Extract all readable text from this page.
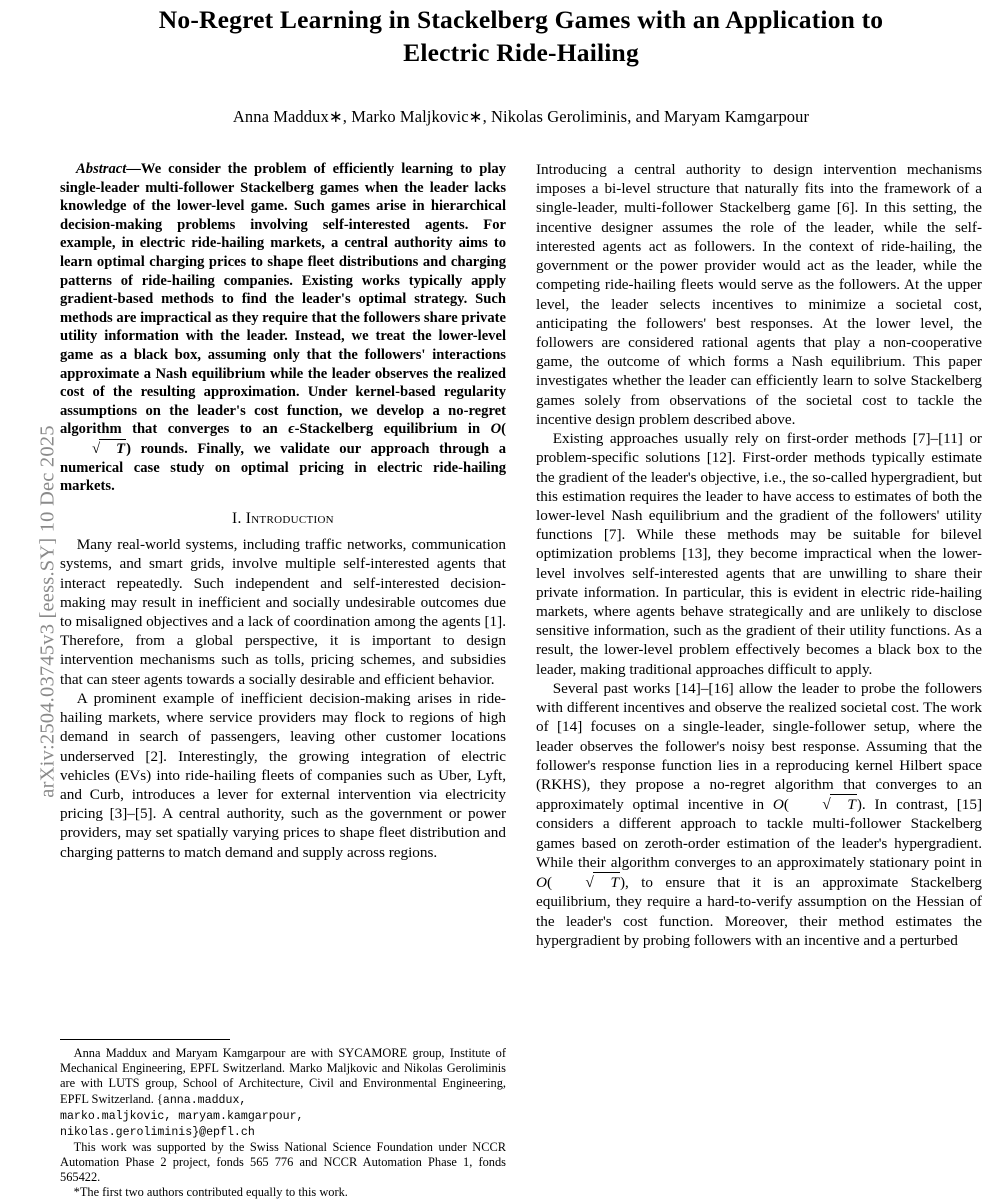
arXiv:2504.03745v3 [eess.SY] 10 Dec 2025
No-Regret Learning in Stackelberg Games with an Application to
Electric Ride-Hailing
Anna Maddux∗, Marko Maljkovic∗, Nikolas Geroliminis, and Maryam Kamgarpour

Abstract—We consider the problem of efficiently learning to play single-leader multi-follower Stackelberg games when the leader lacks knowledge of the lower-level game. Such games arise in hierarchical decision-making problems involving self-interested agents. For example, in electric ride-hailing markets, a central authority aims to learn optimal charging prices to shape fleet distributions and charging patterns of ride-hailing companies. Existing works typically apply gradient-based methods to find the leader's optimal strategy. Such methods are impractical as they require that the followers share private utility information with the leader. Instead, we treat the lower-level game as a black box, assuming only that the followers' interactions approximate a Nash equilibrium while the leader observes the realized cost of the resulting approximation. Under kernel-based regularity assumptions on the leader's cost function, we develop a no-regret algorithm that converges to an ϵ-Stackelberg equilibrium in O(√ T) rounds. Finally, we validate our approach through a numerical case study on optimal pricing in electric ride-hailing markets.

I. Introduction

Many real-world systems, including traffic networks, communication systems, and smart grids, involve multiple self-interested agents that interact repeatedly. Such independent and self-interested decision-making may result in inefficient and socially undesirable outcomes due to misaligned objectives and a lack of coordination among the agents [1]. Therefore, from a global perspective, it is important to design intervention mechanisms such as tolls, pricing schemes, and subsidies that can steer agents towards a socially desirable and efficient behavior.

A prominent example of inefficient decision-making arises in ride-hailing markets, where service providers may flock to regions of high demand in search of passengers, leaving other customer locations underserved [2]. Interestingly, the growing integration of electric vehicles (EVs) into ride-hailing fleets of companies such as Uber, Lyft, and Curb, introduces a lever for external intervention via electricity pricing [3]–[5]. A central authority, such as the government or power providers, may set spatially varying prices to shape fleet distribution and charging patterns to match demand and supply across regions.

Anna Maddux and Maryam Kamgarpour are with SYCAMORE group, Institute of Mechanical Engineering, EPFL Switzerland. Marko Maljkovic and Nikolas Geroliminis are with LUTS group, School of Architecture, Civil and Environmental Engineering, EPFL Switzerland. {anna.maddux,
marko.maljkovic, maryam.kamgarpour,
nikolas.geroliminis}@epfl.ch

This work was supported by the Swiss National Science Foundation under NCCR Automation Phase 2 project, fonds 565 776 and NCCR Automation Phase 1, fonds 565422.

*The first two authors contributed equally to this work.

Introducing a central authority to design intervention mechanisms imposes a bi-level structure that naturally fits into the framework of a single-leader, multi-follower Stackelberg game [6]. In this setting, the incentive designer assumes the role of the leader, while the self-interested agents act as followers. In the context of ride-hailing, the government or the power provider would act as the leader, while the competing ride-hailing fleets would serve as the followers. At the upper level, the leader selects incentives to minimize a societal cost, anticipating the followers' best responses. At the lower level, the followers are considered rational agents that play a non-cooperative game, the outcome of which forms a Nash equilibrium. This paper investigates whether the leader can efficiently learn to solve Stackelberg games solely from observations of the societal cost to tackle the incentive design problem described above.

Existing approaches usually rely on first-order methods [7]–[11] or problem-specific solutions [12]. First-order methods typically estimate the gradient of the leader's objective, i.e., the so-called hypergradient, but this estimation requires the leader to have access to estimates of both the lower-level Nash equilibrium and the gradient of the followers' utility functions [7]. While these methods may be suitable for bilevel optimization problems [13], they become impractical when the lower-level involves self-interested agents that are unwilling to share their private information. In particular, this is evident in electric ride-hailing markets, where agents behave strategically and are unlikely to disclose sensitive information, such as the gradient of their utility functions. As a result, the lower-level problem effectively becomes a black box to the leader, making traditional approaches difficult to apply.

Several past works [14]–[16] allow the leader to probe the followers with different incentives and observe the realized societal cost. The work of [14] focuses on a single-leader, single-follower setup, where the leader observes the follower's noisy best response. Assuming that the follower's response function lies in a reproducing kernel Hilbert space (RKHS), they propose a no-regret algorithm that converges to an approximately optimal incentive in O( √ T). In contrast, [15] considers a different approach to tackle multi-follower Stackelberg games based on zeroth-order estimation of the leader's hypergradient. While their algorithm converges to an approximately stationary point in O( √ T), to ensure that it is an approximate Stackelberg equilibrium, they require a hard-to-verify assumption on the Hessian of the leader's cost function. Moreover, their method estimates the hypergradient by probing followers with an incentive and a perturbed
